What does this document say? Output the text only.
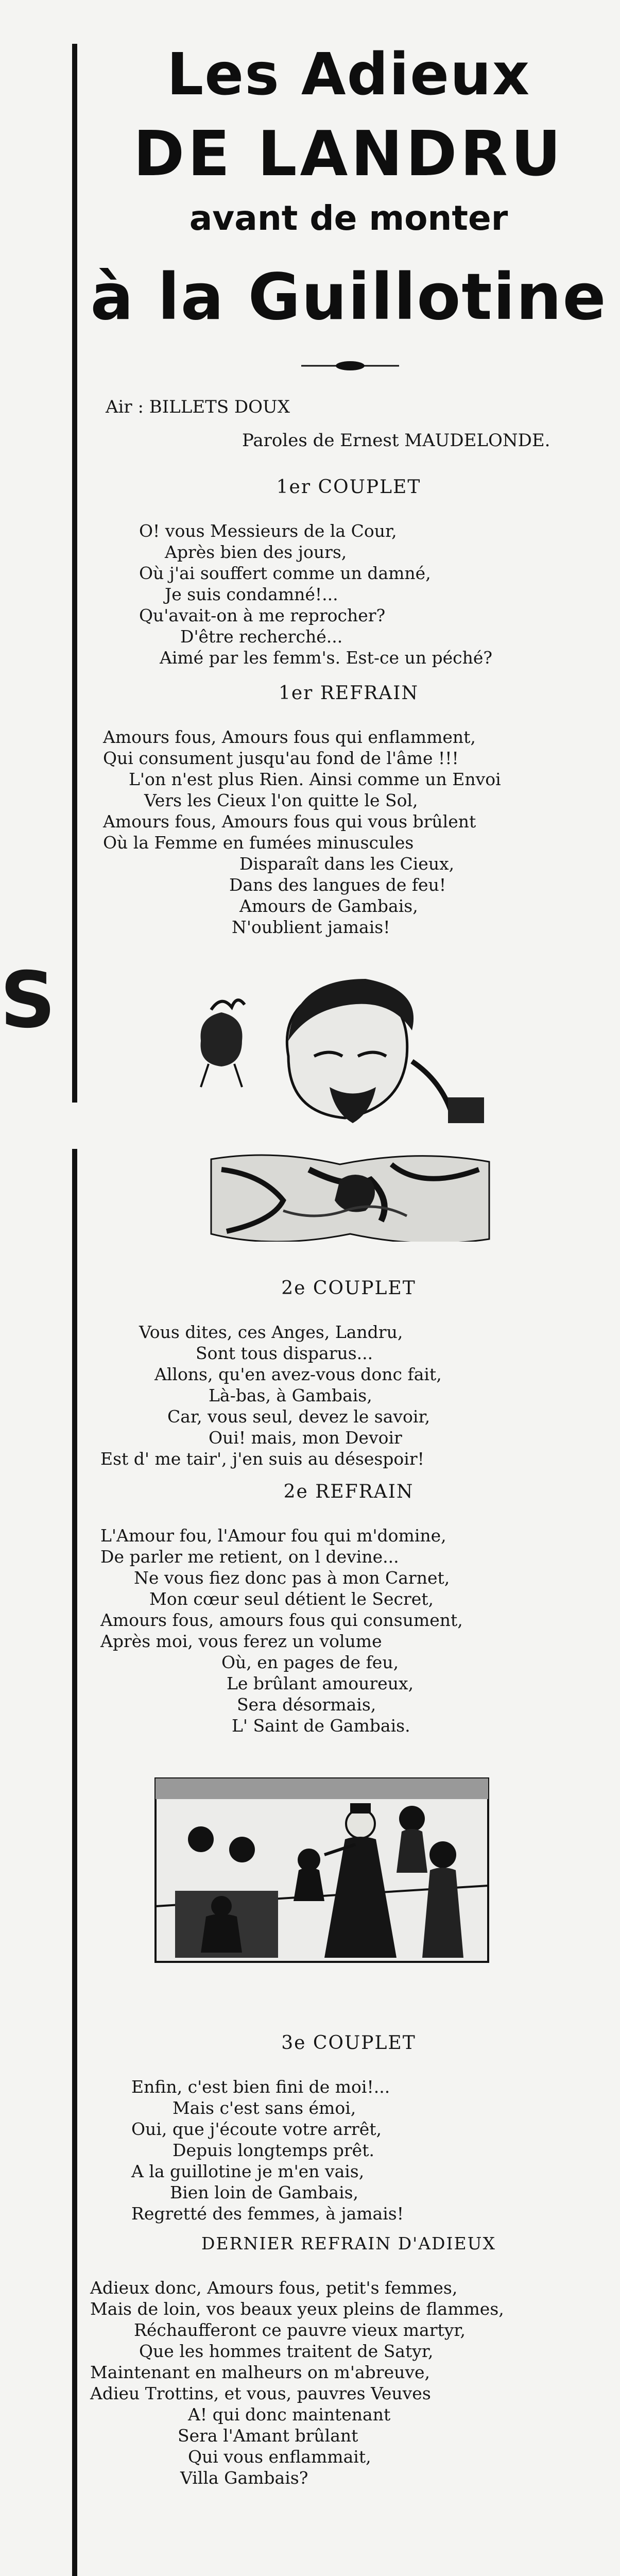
Les Adieux
DE LANDRU
avant de monter
à la Guillotine
Air : BILLETS DOUX
Paroles de Ernest MAUDELONDE.
1er COUPLET
O! vous Messieurs de la Cour,
Après bien des jours,
Où j'ai souffert comme un damné,
Je suis condamné!...
Qu'avait-on à me reprocher?
D'être recherché...
Aimé par les femm's. Est-ce un péché?
1er REFRAIN
Amours fous, Amours fous qui enflamment,
Qui consument jusqu'au fond de l'âme !!!
L'on n'est plus Rien. Ainsi comme un Envoi
Vers les Cieux l'on quitte le Sol,
Amours fous, Amours fous qui vous brûlent
Où la Femme en fumées minuscules
Disparaît dans les Cieux,
Dans des langues de feu!
Amours de Gambais,
N'oublient jamais!
S
2e COUPLET
Vous dites, ces Anges, Landru,
Sont tous disparus...
Allons, qu'en avez-vous donc fait,
Là-bas, à Gambais,
Car, vous seul, devez le savoir,
Oui! mais, mon Devoir
Est d' me tair', j'en suis au désespoir!
2e REFRAIN
L'Amour fou, l'Amour fou qui m'domine,
De parler me retient, on l devine...
Ne vous fiez donc pas à mon Carnet,
Mon cœur seul détient le Secret,
Amours fous, amours fous qui consument,
Après moi, vous ferez un volume
Où, en pages de feu,
Le brûlant amoureux,
Sera désormais,
L' Saint de Gambais.
3e COUPLET
Enfin, c'est bien fini de moi!...
Mais c'est sans émoi,
Oui, que j'écoute votre arrêt,
Depuis longtemps prêt.
A la guillotine je m'en vais,
Bien loin de Gambais,
Regretté des femmes, à jamais!
DERNIER REFRAIN D'ADIEUX
Adieux donc, Amours fous, petit's femmes,
Mais de loin, vos beaux yeux pleins de flammes,
Réchaufferont ce pauvre vieux martyr,
Que les hommes traitent de Satyr,
Maintenant en malheurs on m'abreuve,
Adieu Trottins, et vous, pauvres Veuves
A! qui donc maintenant
Sera l'Amant brûlant
Qui vous enflammait,
Villa Gambais?
